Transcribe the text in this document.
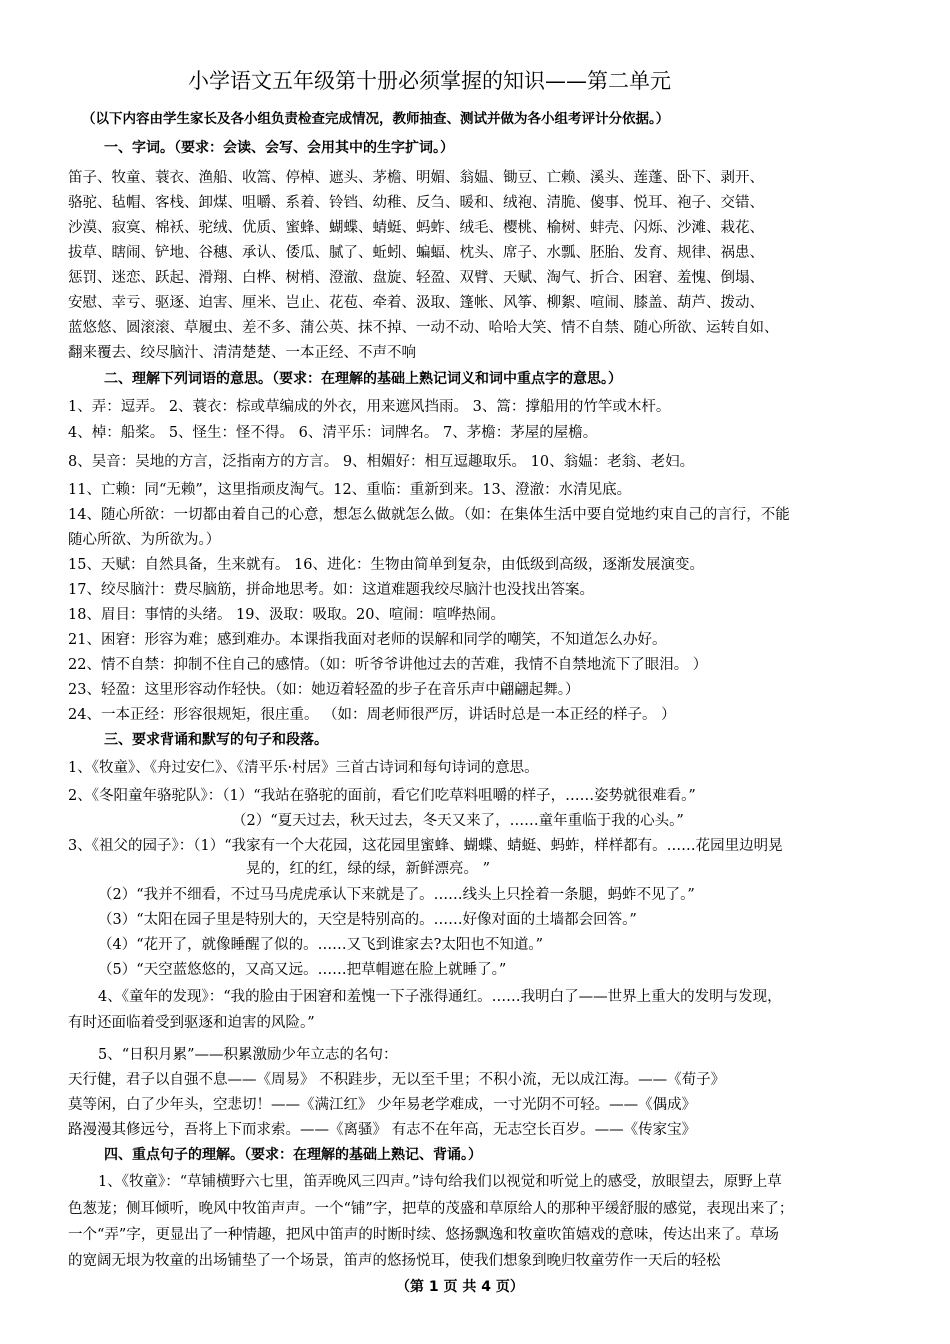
小学语文五年级第十册必须掌握的知识——第二单元
（以下内容由学生家长及各小组负责检查完成情况，教师抽查、测试并做为各小组考评计分依据。）
一、字词。（要求：会读、会写、会用其中的生字扩词。）
笛子、牧童、蓑衣、渔船、收篙、停棹、遮头、茅檐、明媚、翁媪、锄豆、亡赖、溪头、莲蓬、卧下、剥开、
骆驼、毡帽、客栈、卸煤、咀嚼、系着、铃铛、幼稚、反刍、暖和、绒袍、清脆、傻事、悦耳、袍子、交错、
沙漠、寂寞、棉袄、驼绒、优质、蜜蜂、蝴蝶、蜻蜓、蚂蚱、绒毛、樱桃、榆树、蚌壳、闪烁、沙滩、栽花、
拔草、瞎闹、铲地、谷穗、承认、倭瓜、腻了、蚯蚓、蝙蝠、枕头、席子、水瓢、胚胎、发育、规律、祸患、
惩罚、迷恋、跃起、滑翔、白桦、树梢、澄澈、盘旋、轻盈、双臂、天赋、淘气、折合、困窘、羞愧、倒塌、
安慰、幸亏、驱逐、迫害、厘米、岂止、花苞、牵着、汲取、篷帐、风筝、柳絮、喧闹、膝盖、葫芦、拨动、
蓝悠悠、圆滚滚、草履虫、差不多、蒲公英、抹不掉、一动不动、哈哈大笑、情不自禁、随心所欲、运转自如、
翻来覆去、绞尽脑汁、清清楚楚、一本正经、不声不响
二、理解下列词语的意思。（要求：在理解的基础上熟记词义和词中重点字的意思。）
1、弄：逗弄。 2、蓑衣：棕或草编成的外衣，用来遮风挡雨。 3、篙：撑船用的竹竿或木杆。
4、棹：船桨。 5、怪生：怪不得。 6、清平乐：词牌名。 7、茅檐：茅屋的屋檐。
8、吴音：吴地的方言，泛指南方的方言。 9、相媚好：相互逗趣取乐。 10、翁媪：老翁、老妇。
11、亡赖：同“无赖”，这里指顽皮淘气。12、重临：重新到来。13、澄澈：水清见底。
14、随心所欲：一切都由着自己的心意，想怎么做就怎么做。（如：在集体生活中要自觉地约束自己的言行，不能
随心所欲、为所欲为。）
15、天赋：自然具备，生来就有。 16、进化：生物由简单到复杂，由低级到高级，逐渐发展演变。
17、绞尽脑汁：费尽脑筋，拼命地思考。如：这道难题我绞尽脑汁也没找出答案。
18、眉目：事情的头绪。 19、汲取：吸取。20、喧闹：喧哗热闹。
21、困窘：形容为难；感到难办。本课指我面对老师的误解和同学的嘲笑，不知道怎么办好。
22、情不自禁：抑制不住自己的感情。（如：听爷爷讲他过去的苦难，我情不自禁地流下了眼泪。 ）
23、轻盈：这里形容动作轻快。（如：她迈着轻盈的步子在音乐声中翩翩起舞。）
24、一本正经：形容很规矩，很庄重。 （如：周老师很严厉，讲话时总是一本正经的样子。 ）
三、要求背诵和默写的句子和段落。
1、《牧童》、《舟过安仁》、《清平乐·村居》三首古诗词和每句诗词的意思。
2、《冬阳童年骆驼队》：（1）“我站在骆驼的面前，看它们吃草料咀嚼的样子，……姿势就很难看。”
（2）“夏天过去，秋天过去，冬天又来了，……童年重临于我的心头。”
3、《祖父的园子》：（1）“我家有一个大花园，这花园里蜜蜂、蝴蝶、蜻蜓、蚂蚱，样样都有。……花园里边明晃
晃的，红的红，绿的绿，新鲜漂亮。 ”
（2）“我并不细看，不过马马虎虎承认下来就是了。……线头上只拴着一条腿，蚂蚱不见了。”
（3）“太阳在园子里是特别大的，天空是特别高的。……好像对面的土墙都会回答。”
（4）“花开了，就像睡醒了似的。……又飞到谁家去?太阳也不知道。”
（5）“天空蓝悠悠的，又高又远。……把草帽遮在脸上就睡了。”
4、《童年的发现》：“我的脸由于困窘和羞愧一下子涨得通红。……我明白了——世界上重大的发明与发现，
有时还面临着受到驱逐和迫害的风险。”
5、“日积月累”——积累激励少年立志的名句：
天行健，君子以自强不息——《周易》 不积跬步，无以至千里；不积小流，无以成江海。——《荀子》
莫等闲，白了少年头，空悲切！——《满江红》 少年易老学难成，一寸光阴不可轻。——《偶成》
路漫漫其修远兮，吾将上下而求索。——《离骚》 有志不在年高，无志空长百岁。——《传家宝》
四、重点句子的理解。（要求：在理解的基础上熟记、背诵。）
1、《牧童》：“草铺横野六七里，笛弄晚风三四声。”诗句给我们以视觉和听觉上的感受，放眼望去，原野上草
色葱茏；侧耳倾听，晚风中牧笛声声。一个“铺”字，把草的茂盛和草原给人的那种平缓舒服的感觉，表现出来了；
一个“弄”字，更显出了一种情趣，把风中笛声的时断时续、悠扬飘逸和牧童吹笛嬉戏的意味，传达出来了。草场
的宽阔无垠为牧童的出场铺垫了一个场景，笛声的悠扬悦耳，使我们想象到晚归牧童劳作一天后的轻松
（第 1 页 共 4 页）
